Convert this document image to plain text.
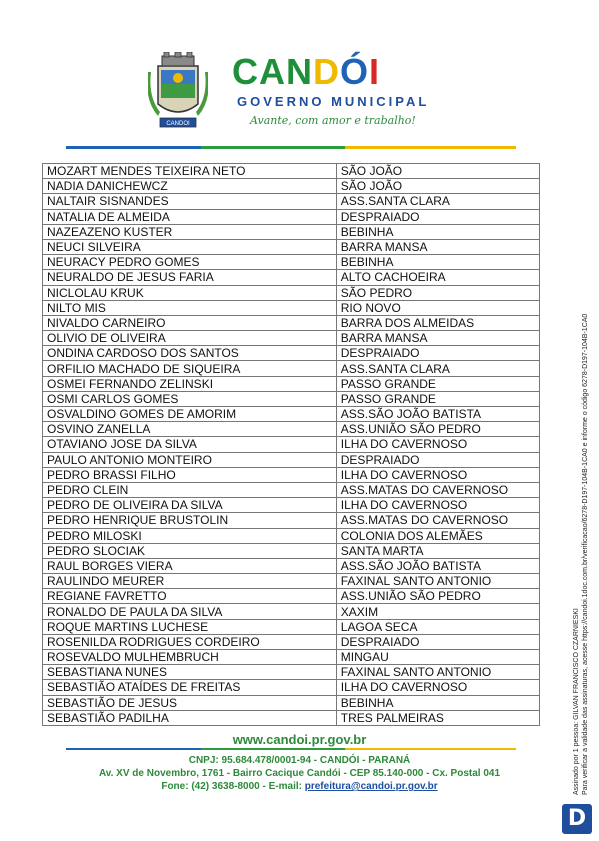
CANDOI
CANDÓI
GOVERNO MUNICIPAL
Avante, com amor e trabalho!
MOZART MENDES TEIXEIRA NETO	SÃO JOÃO
NADIA DANICHEWCZ	SÃO JOÃO
NALTAIR SISNANDES	ASS.SANTA CLARA
NATALIA DE ALMEIDA	DESPRAIADO
NAZEAZENO KUSTER	BEBINHA
NEUCI SILVEIRA	BARRA MANSA
NEURACY PEDRO GOMES	BEBINHA
NEURALDO DE JESUS FARIA	ALTO CACHOEIRA
NICLOLAU KRUK	SÃO PEDRO
NILTO MIS	RIO NOVO
NIVALDO CARNEIRO	BARRA DOS ALMEIDAS
OLIVIO DE OLIVEIRA	BARRA MANSA
ONDINA CARDOSO DOS SANTOS	DESPRAIADO
ORFILIO MACHADO DE SIQUEIRA	ASS.SANTA CLARA
OSMEI FERNANDO ZELINSKI	PASSO GRANDE
OSMI CARLOS GOMES	PASSO GRANDE
OSVALDINO GOMES DE AMORIM	ASS.SÃO JOÃO BATISTA
OSVINO ZANELLA	ASS.UNIÃO SÃO PEDRO
OTAVIANO JOSE DA SILVA	ILHA DO CAVERNOSO
PAULO ANTONIO MONTEIRO	DESPRAIADO
PEDRO BRASSI FILHO	ILHA DO CAVERNOSO
PEDRO CLEIN	ASS.MATAS DO CAVERNOSO
PEDRO DE OLIVEIRA DA SILVA	ILHA DO CAVERNOSO
PEDRO HENRIQUE BRUSTOLIN	ASS.MATAS DO CAVERNOSO
PEDRO MILOSKI	COLONIA DOS ALEMÃES
PEDRO SLOCIAK	SANTA MARTA
RAUL BORGES VIERA	ASS.SÃO JOÃO BATISTA
RAULINDO MEURER	FAXINAL SANTO ANTONIO
REGIANE FAVRETTO	ASS.UNIÃO SÃO PEDRO
RONALDO DE PAULA DA SILVA	XAXIM
ROQUE MARTINS LUCHESE	LAGOA SECA
ROSENILDA RODRIGUES CORDEIRO	DESPRAIADO
ROSEVALDO MULHEMBRUCH	MINGAU
SEBASTIANA NUNES	FAXINAL SANTO ANTONIO
SEBASTIÃO ATAÍDES DE FREITAS	ILHA DO CAVERNOSO
SEBASTIÃO DE JESUS	BEBINHA
SEBASTIÃO PADILHA	TRES PALMEIRAS
www.candoi.pr.gov.br
CNPJ: 95.684.478/0001-94 - CANDÓI - PARANÁ
Av. XV de Novembro, 1761 - Bairro Cacique Candói - CEP 85.140-000 - Cx. Postal 041
Fone: (42) 3638-8000 - E-mail: prefeitura@candoi.pr.gov.br	Assinado por 1 pessoa: GILVAN FRANCISCO CZARNIESKI Para verificar a validade das assinaturas, acesse https://candoi.1doc.com.br/verificacao/6278-D197-104B-1CA0 e informe o código 6278-D197-104B-1CA0
D
